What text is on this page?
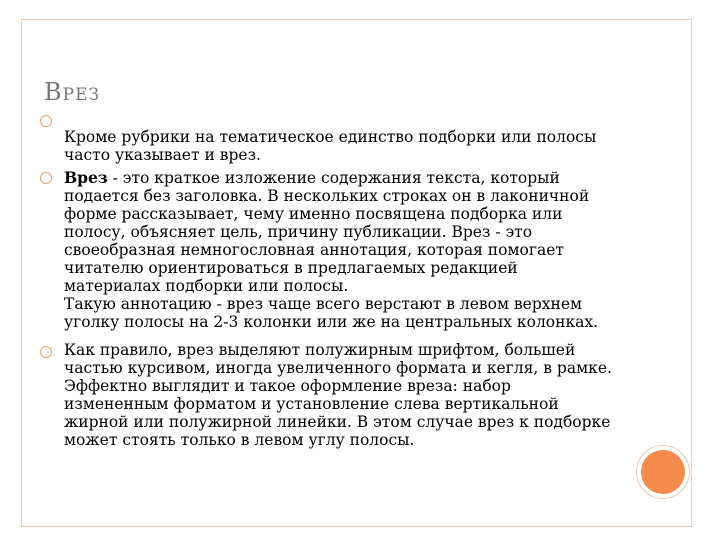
ВРЕЗ
Кроме рубрики на тематическое единство подборки или полосы
часто указывает и врез.
Врез - это краткое изложение содержания текста, который
подается без заголовка. В нескольких строках он в лаконичной
форме рассказывает, чему именно посвящена подборка или
полосу, объясняет цель, причину публикации. Врез - это
своеобразная немногословная аннотация, которая помогает
читателю ориентироваться в предлагаемых редакцией
материалах подборки или полосы.
Такую аннотацию - врез чаще всего верстают в левом верхнем
уголку полосы на 2-3 колонки или же на центральных колонках.
Как правило, врез выделяют полужирным шрифтом, большей
частью курсивом, иногда увеличенного формата и кегля, в рамке.
Эффектно выглядит и такое оформление вреза: набор
измененным форматом и установление слева вертикальной
жирной или полужирной линейки. В этом случае врез к подборке
может стоять только в левом углу полосы.
